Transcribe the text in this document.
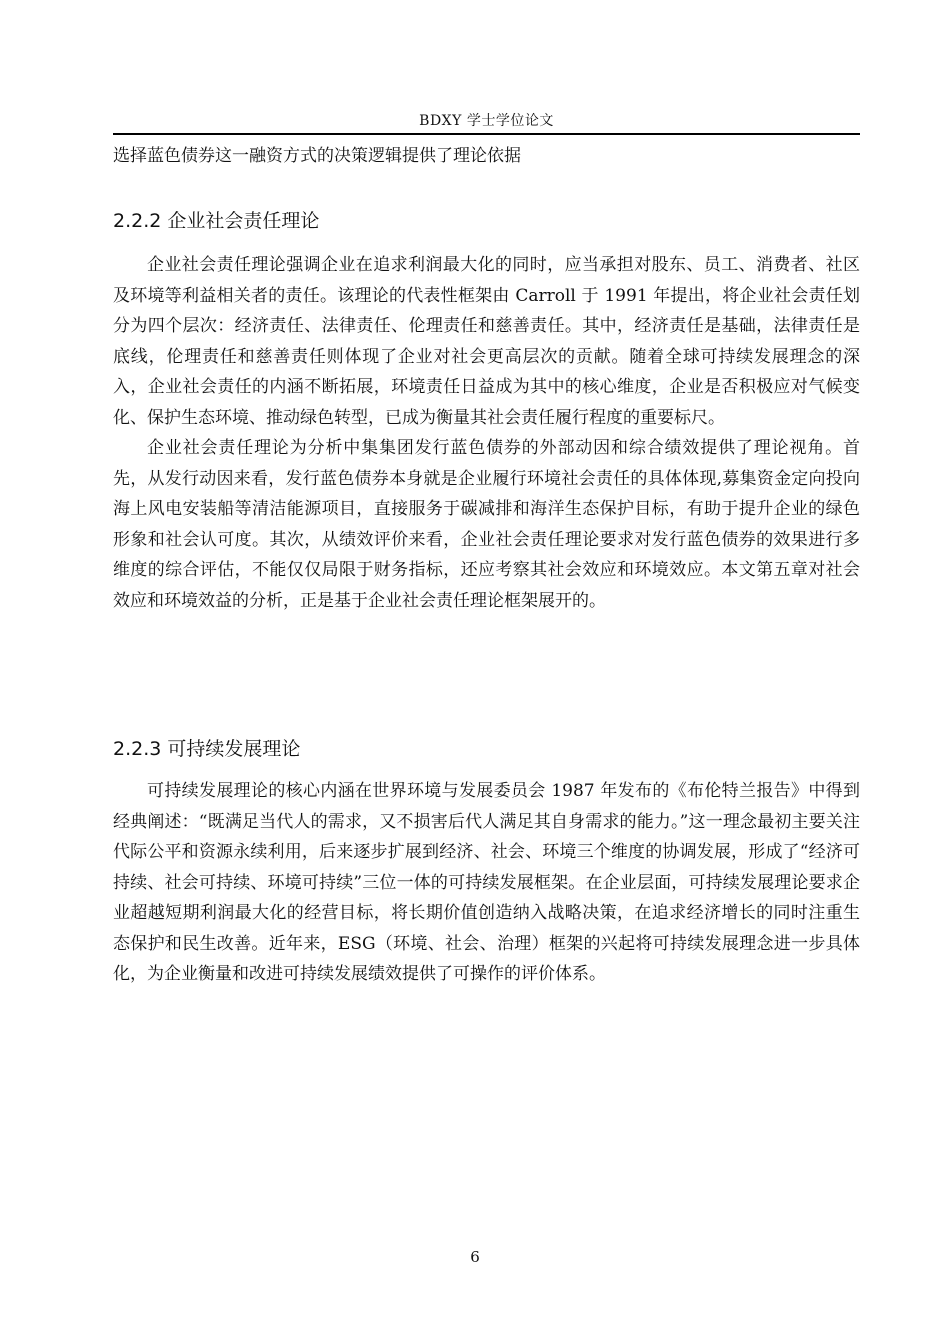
BDXY 学士学位论文

选择蓝色债券这一融资方式的决策逻辑提供了理论依据

2.2.2 企业社会责任理论

企业社会责任理论强调企业在追求利润最大化的同时，应当承担对股东、员工、消费者、社区及环境等利益相关者的责任。该理论的代表性框架由 Carroll 于 1991 年提出，将企业社会责任划分为四个层次：经济责任、法律责任、伦理责任和慈善责任。其中，经济责任是基础，法律责任是底线，伦理责任和慈善责任则体现了企业对社会更高层次的贡献。随着全球可持续发展理念的深入，企业社会责任的内涵不断拓展，环境责任日益成为其中的核心维度，企业是否积极应对气候变化、保护生态环境、推动绿色转型，已成为衡量其社会责任履行程度的重要标尺。

企业社会责任理论为分析中集集团发行蓝色债券的外部动因和综合绩效提供了理论视角。首先，从发行动因来看，发行蓝色债券本身就是企业履行环境社会责任的具体体现,募集资金定向投向海上风电安装船等清洁能源项目，直接服务于碳减排和海洋生态保护目标，有助于提升企业的绿色形象和社会认可度。其次，从绩效评价来看，企业社会责任理论要求对发行蓝色债券的效果进行多维度的综合评估，不能仅仅局限于财务指标，还应考察其社会效应和环境效应。本文第五章对社会效应和环境效益的分析，正是基于企业社会责任理论框架展开的。

2.2.3 可持续发展理论

可持续发展理论的核心内涵在世界环境与发展委员会 1987 年发布的《布伦特兰报告》中得到经典阐述：“既满足当代人的需求，又不损害后代人满足其自身需求的能力。”这一理念最初主要关注代际公平和资源永续利用，后来逐步扩展到经济、社会、环境三个维度的协调发展，形成了“经济可持续、社会可持续、环境可持续”三位一体的可持续发展框架。在企业层面，可持续发展理论要求企业超越短期利润最大化的经营目标，将长期价值创造纳入战略决策，在追求经济增长的同时注重生态保护和民生改善。近年来，ESG（环境、社会、治理）框架的兴起将可持续发展理念进一步具体化，为企业衡量和改进可持续发展绩效提供了可操作的评价体系。

6
